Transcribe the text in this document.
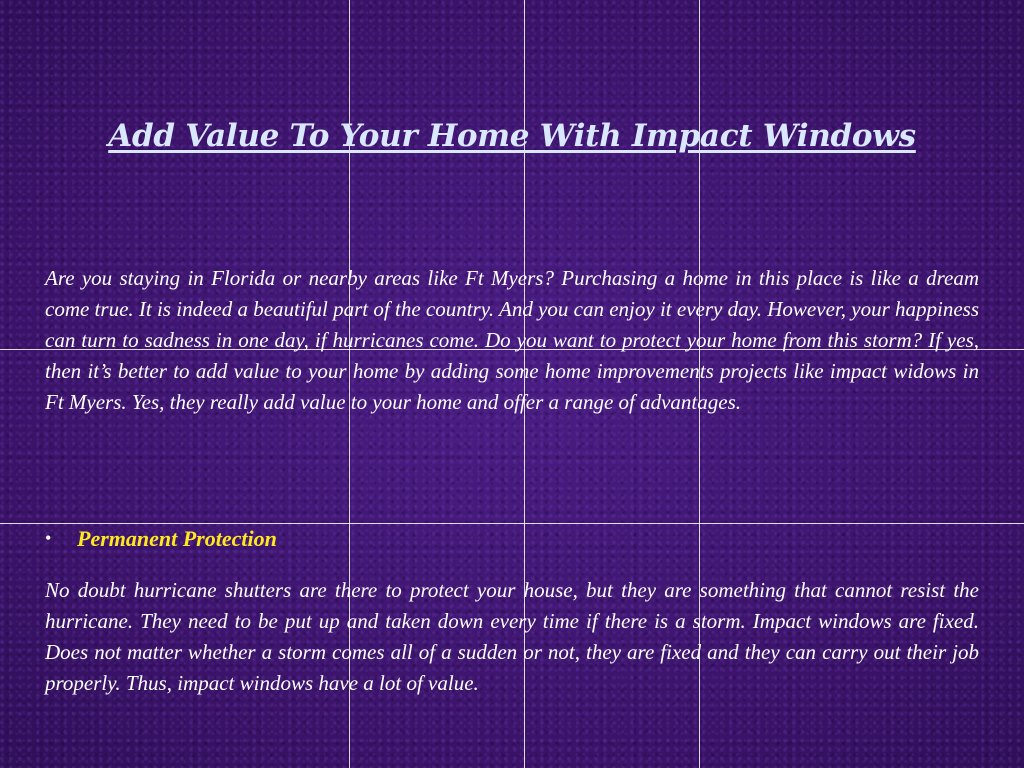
Add Value To Your Home With Impact Windows

Are you staying in Florida or nearby areas like Ft Myers? Purchasing a home in this place is like a dream come true. It is indeed a beautiful part of the country. And you can enjoy it every day. However, your happiness can turn to sadness in one day, if hurricanes come. Do you want to protect your home from this storm? If yes, then it’s better to add value to your home by adding some home improvements projects like impact widows in Ft Myers. Yes, they really add value to your home and offer a range of advantages.

•	Permanent Protection

No doubt hurricane shutters are there to protect your house, but they are something that cannot resist the hurricane. They need to be put up and taken down every time if there is a storm. Impact windows are fixed. Does not matter whether a storm comes all of a sudden or not, they are fixed and they can carry out their job properly. Thus, impact windows have a lot of value.
